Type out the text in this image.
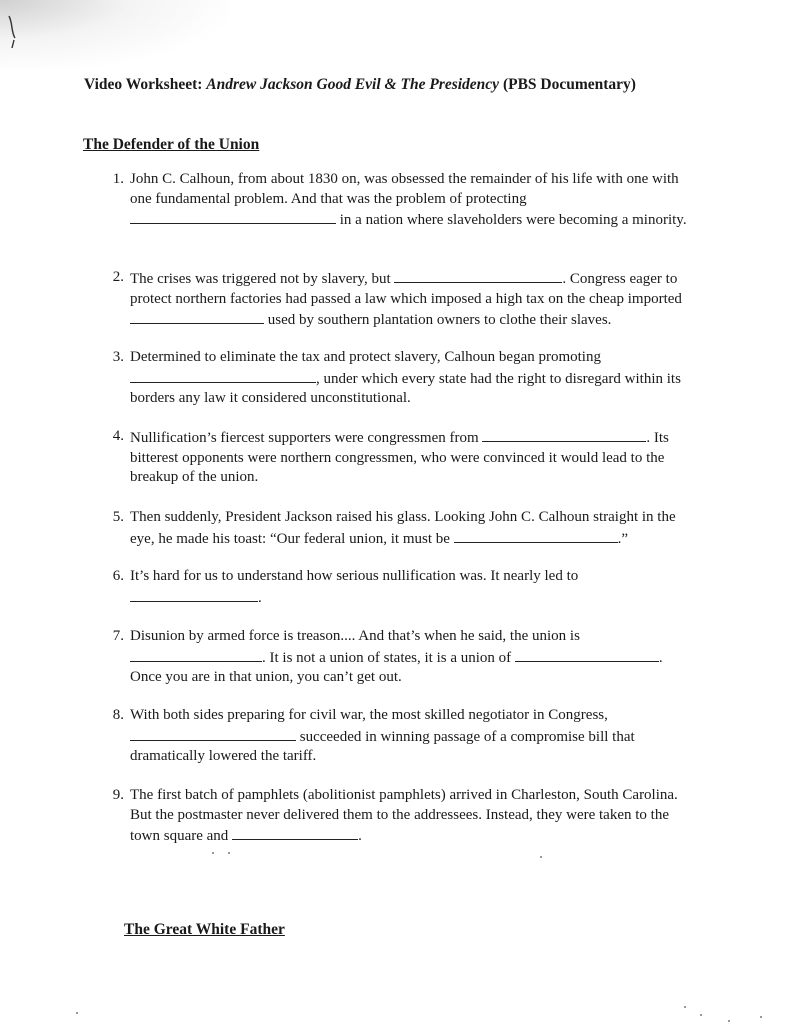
Video Worksheet: Andrew Jackson Good Evil & The Presidency (PBS Documentary)
The Defender of the Union
1. John C. Calhoun, from about 1830 on, was obsessed the remainder of his life with one with one fundamental problem. And that was the problem of protecting
in a nation where slaveholders were becoming a minority.
2. The crises was triggered not by slavery, but	. Congress eager to protect northern factories had passed a law which imposed a high tax on the cheap imported  used by southern plantation owners to clothe their slaves.
3. Determined to eliminate the tax and protect slavery, Calhoun began promoting
, under which every state had the right to disregard within its borders any law it considered unconstitutional.
4. Nullification’s fiercest supporters were congressmen from	. Its bitterest opponents were northern congressmen, who were convinced it would lead to the breakup of the union.
5. Then suddenly, President Jackson raised his glass. Looking John C. Calhoun straight in the eye, he made his toast: “Our federal union, it must be	.”
6. It’s hard for us to understand how serious nullification was. It nearly led to
.
7. Disunion by armed force is treason.... And that’s when he said, the union is
. It is not a union of states, it is a union of	.
Once you are in that union, you can’t get out.
8. With both sides preparing for civil war, the most skilled negotiator in Congress,
succeeded in winning passage of a compromise bill that dramatically lowered the tariff.
9. The first batch of pamphlets (abolitionist pamphlets) arrived in Charleston, South Carolina. But the postmaster never delivered them to the addressees. Instead, they were taken to the town square and	.
The Great White Father
